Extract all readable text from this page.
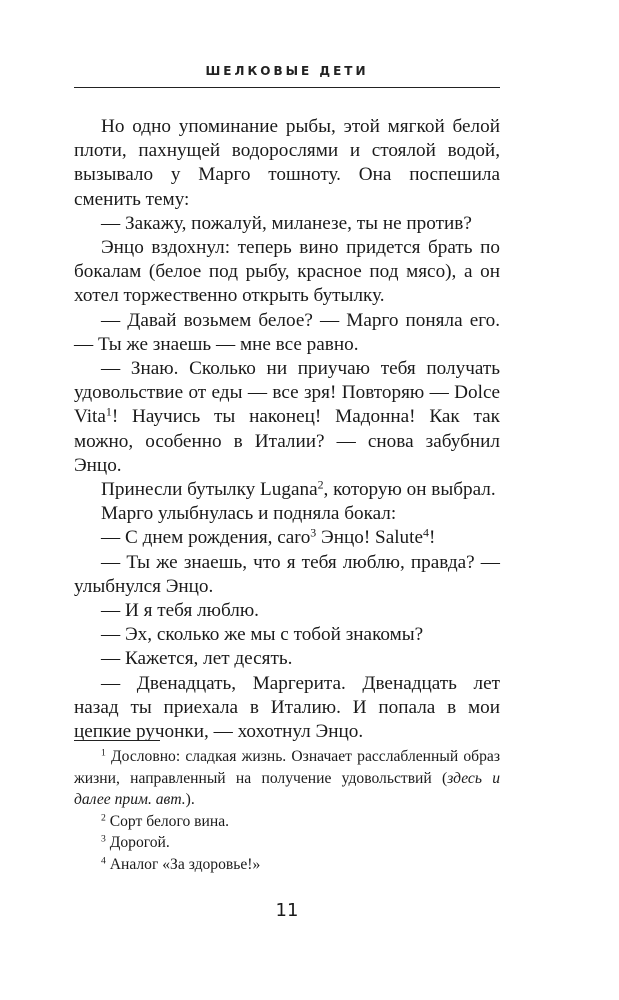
ШЕЛКОВЫЕ ДЕТИ

Но одно упоминание рыбы, этой мягкой белой плоти, пахнущей водорослями и стоялой водой, вызывало у Марго тошноту. Она поспешила сменить тему:

— Закажу, пожалуй, миланезе, ты не против?

Энцо вздохнул: теперь вино придется брать по бокалам (белое под рыбу, красное под мясо), а он хотел торжественно открыть бутылку.

— Давай возьмем белое? — Марго поняла его. — Ты же знаешь — мне все равно.

— Знаю. Сколько ни приучаю тебя получать удовольствие от еды — все зря! Повторяю — Dolce Vita$^1$! Научись ты наконец! Мадонна! Как так можно, особенно в Италии? — снова забубнил Энцо.

Принесли бутылку Lugana$^2$, которую он выбрал.

Марго улыбнулась и подняла бокал:

— С днем рождения, caro$^3$ Энцо! Salute$^4$!

— Ты же знаешь, что я тебя люблю, правда? — улыбнулся Энцо.

— И я тебя люблю.

— Эх, сколько же мы с тобой знакомы?

— Кажется, лет десять.

— Двенадцать, Маргерита. Двенадцать лет назад ты приехала в Италию. И попала в мои цепкие ручонки, — хохотнул Энцо.

$^1$ Дословно: сладкая жизнь. Означает расслабленный образ жизни, направленный на получение удовольствий (здесь и далее прим. авт.).

$^2$ Сорт белого вина.

$^3$ Дорогой.

$^4$ Аналог «За здоровье!»

11
